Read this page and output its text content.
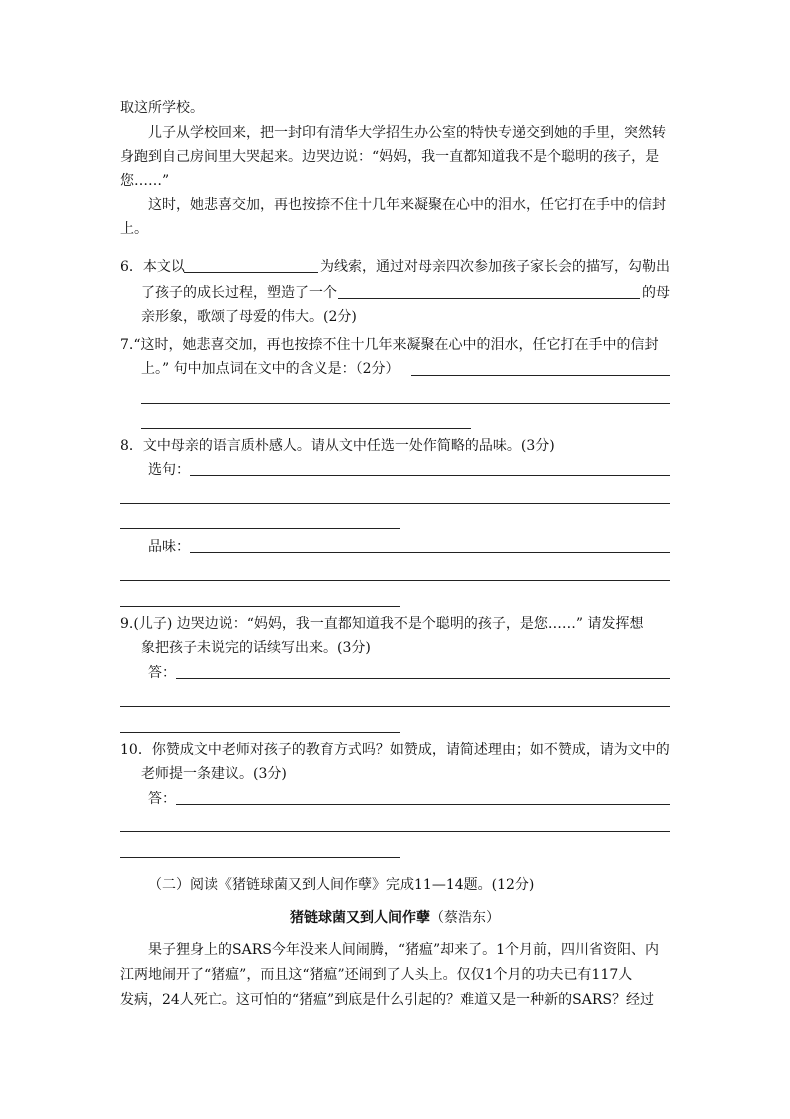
取这所学校。
儿子从学校回来，把一封印有清华大学招生办公室的特快专递交到她的手里，突然转
身跑到自己房间里大哭起来。边哭边说：“妈妈，我一直都知道我不是个聪明的孩子，是
您……”
这时，她悲喜交加，再也按捺不住十几年来凝聚在心中的泪水，任它打在手中的信封
上。
6．本文以	为线索，通过对母亲四次参加孩子家长会的描写，勾勒出
了孩子的成长过程，塑造了一个	的母
亲形象，歌颂了母爱的伟大。(2分)
7.“这时，她悲喜交加，再也按捺不住十几年来凝聚在心中的泪水，任它打在手中的信封
上。” 句中加点词在文中的含义是：（2分）
8．文中母亲的语言质朴感人。请从文中任选一处作简略的品味。(3分)
选句：
品味：
9.(儿子) 边哭边说：“妈妈，我一直都知道我不是个聪明的孩子，是您……” 请发挥想
象把孩子未说完的话续写出来。(3分)
答：
10．你赞成文中老师对孩子的教育方式吗？如赞成，请简述理由；如不赞成，请为文中的
老师提一条建议。(3分)
答：
（二）阅读《猪链球菌又到人间作孽》完成11—14题。(12分)
猪链球菌又到人间作孽（蔡浩东）
果子狸身上的SARS今年没来人间闹腾，“猪瘟”却来了。1个月前，四川省资阳、内
江两地闹开了“猪瘟”，而且这“猪瘟”还闹到了人头上。仅仅1个月的功夫已有117人
发病，24人死亡。这可怕的“猪瘟”到底是什么引起的？难道又是一种新的SARS？经过
